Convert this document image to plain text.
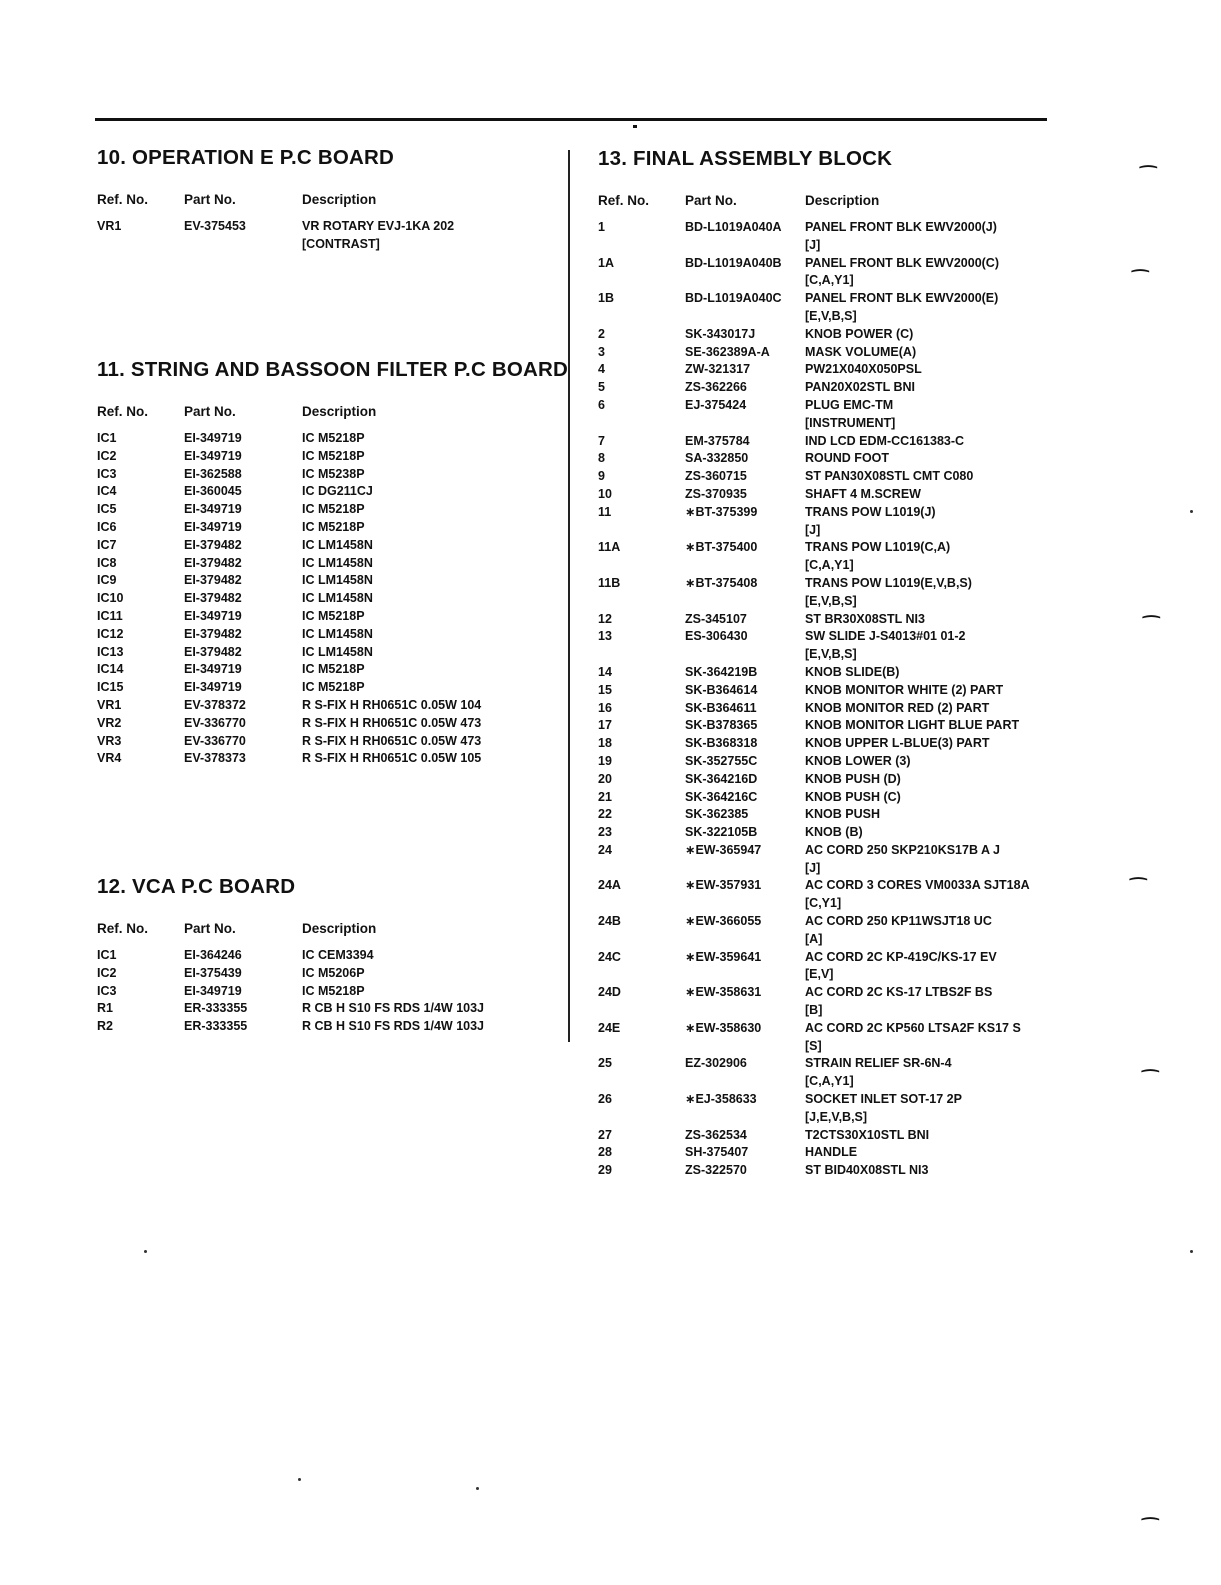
10. OPERATION E P.C BOARD
Ref. No.	Part No.	Description
VR1	EV-375453	VR ROTARY EVJ-1KA 202
[CONTRAST]
11. STRING AND BASSOON FILTER P.C BOARD
Ref. No.	Part No.	Description
IC1	EI-349719	IC M5218P
IC2	EI-349719	IC M5218P
IC3	EI-362588	IC M5238P
IC4	EI-360045	IC DG211CJ
IC5	EI-349719	IC M5218P
IC6	EI-349719	IC M5218P
IC7	EI-379482	IC LM1458N
IC8	EI-379482	IC LM1458N
IC9	EI-379482	IC LM1458N
IC10	EI-379482	IC LM1458N
IC11	EI-349719	IC M5218P
IC12	EI-379482	IC LM1458N
IC13	EI-379482	IC LM1458N
IC14	EI-349719	IC M5218P
IC15	EI-349719	IC M5218P
VR1	EV-378372	R S-FIX H RH0651C 0.05W 104
VR2	EV-336770	R S-FIX H RH0651C 0.05W 473
VR3	EV-336770	R S-FIX H RH0651C 0.05W 473
VR4	EV-378373	R S-FIX H RH0651C 0.05W 105
12. VCA P.C BOARD
Ref. No.	Part No.	Description
IC1	EI-364246	IC CEM3394
IC2	EI-375439	IC M5206P
IC3	EI-349719	IC M5218P
R1	ER-333355	R CB H S10 FS RDS 1/4W 103J
R2	ER-333355	R CB H S10 FS RDS 1/4W 103J
13. FINAL ASSEMBLY BLOCK
Ref. No.	Part No.	Description
1	BD-L1019A040A PANEL FRONT BLK EWV2000(J)
[J]
1A	BD-L1019A040B PANEL FRONT BLK EWV2000(C)
[C,A,Y1]
1B	BD-L1019A040C PANEL FRONT BLK EWV2000(E)
[E,V,B,S]
2	SK-343017J	KNOB POWER (C)
3	SE-362389A-A	MASK VOLUME(A)
4	ZW-321317	PW21X040X050PSL
5	ZS-362266	PAN20X02STL BNI
6	EJ-375424	PLUG EMC-TM
[INSTRUMENT]
7	EM-375784	IND LCD EDM-CC161383-C
8	SA-332850	ROUND FOOT
9	ZS-360715	ST PAN30X08STL CMT C080
10	ZS-370935	SHAFT 4 M.SCREW
11	∗BT-375399	TRANS POW L1019(J)
[J]
11A	∗BT-375400	TRANS POW L1019(C,A)
[C,A,Y1]
11B	∗BT-375408	TRANS POW L1019(E,V,B,S)
[E,V,B,S]
12	ZS-345107	ST BR30X08STL NI3
13	ES-306430	SW SLIDE J-S4013#01 01-2
[E,V,B,S]
14	SK-364219B	KNOB SLIDE(B)
15	SK-B364614	KNOB MONITOR WHITE (2) PART
16	SK-B364611	KNOB MONITOR RED (2) PART
17	SK-B378365	KNOB MONITOR LIGHT BLUE PART
18	SK-B368318	KNOB UPPER L-BLUE(3) PART
19	SK-352755C	KNOB LOWER (3)
20	SK-364216D	KNOB PUSH (D)
21	SK-364216C	KNOB PUSH (C)
22	SK-362385	KNOB PUSH
23	SK-322105B	KNOB (B)
24	∗EW-365947	AC CORD 250 SKP210KS17B A J
[J]
24A	∗EW-357931	AC CORD 3 CORES VM0033A SJT18A
[C,Y1]
24B	∗EW-366055	AC CORD 250 KP11WSJT18 UC
[A]
24C	∗EW-359641	AC CORD 2C KP-419C/KS-17 EV
[E,V]
24D	∗EW-358631	AC CORD 2C KS-17 LTBS2F BS
[B]
24E	∗EW-358630	AC CORD 2C KP560 LTSA2F KS17 S
[S]
25	EZ-302906	STRAIN RELIEF SR-6N-4
[C,A,Y1]
26	∗EJ-358633	SOCKET INLET SOT-17 2P
[J,E,V,B,S]
27	ZS-362534	T2CTS30X10STL BNI
28	SH-375407	HANDLE
29	ZS-322570	ST BID40X08STL NI3
⁀
⁀
⁀
⁀
⁀
⁀
